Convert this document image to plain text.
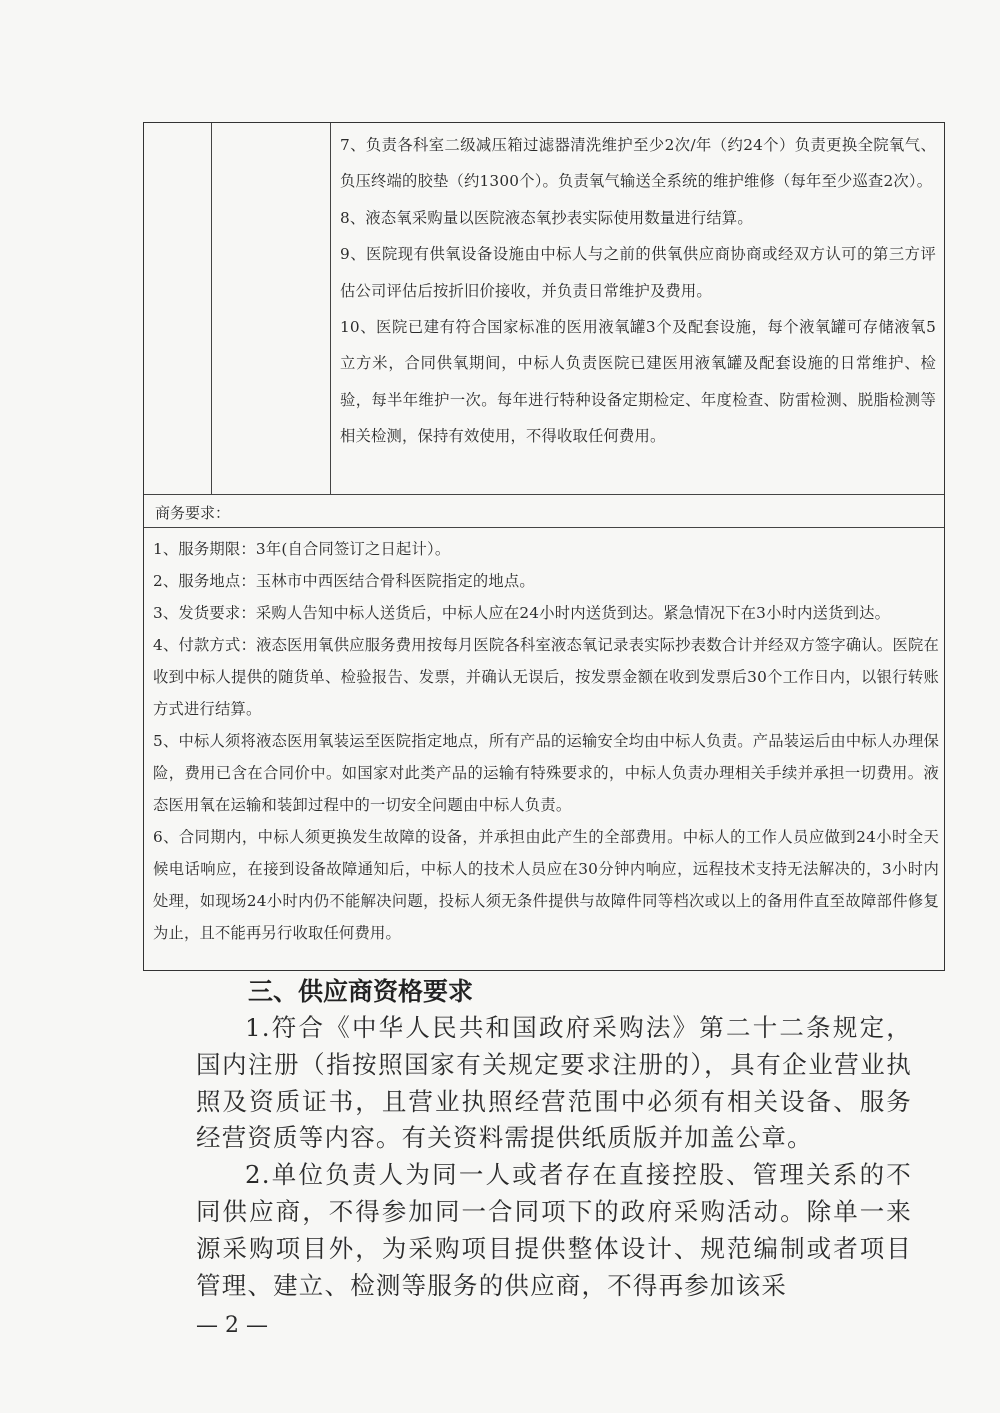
7、负责各科室二级减压箱过滤器清洗维护至少2次/年（约24个）负责更换全院氧气、负压终端的胶垫（约1300个）。负责氧气输送全系统的维护维修（每年至少巡查2次）。

8、液态氧采购量以医院液态氧抄表实际使用数量进行结算。

9、医院现有供氧设备设施由中标人与之前的供氧供应商协商或经双方认可的第三方评估公司评估后按折旧价接收，并负责日常维护及费用。

10、医院已建有符合国家标准的医用液氧罐3个及配套设施，每个液氧罐可存储液氧5立方米，合同供氧期间，中标人负责医院已建医用液氧罐及配套设施的日常维护、检验，每半年维护一次。每年进行特种设备定期检定、年度检查、防雷检测、脱脂检测等相关检测，保持有效使用，不得收取任何费用。

商务要求：

1、服务期限：3年(自合同签订之日起计）。

2、服务地点：玉林市中西医结合骨科医院指定的地点。

3、发货要求：采购人告知中标人送货后，中标人应在24小时内送货到达。紧急情况下在3小时内送货到达。

4、付款方式：液态医用氧供应服务费用按每月医院各科室液态氧记录表实际抄表数合计并经双方签字确认。医院在收到中标人提供的随货单、检验报告、发票，并确认无误后，按发票金额在收到发票后30个工作日内，以银行转账方式进行结算。

5、中标人须将液态医用氧装运至医院指定地点，所有产品的运输安全均由中标人负责。产品装运后由中标人办理保险，费用已含在合同价中。如国家对此类产品的运输有特殊要求的，中标人负责办理相关手续并承担一切费用。液态医用氧在运输和装卸过程中的一切安全问题由中标人负责。

6、合同期内，中标人须更换发生故障的设备，并承担由此产生的全部费用。中标人的工作人员应做到24小时全天候电话响应，在接到设备故障通知后，中标人的技术人员应在30分钟内响应，远程技术支持无法解决的，3小时内处理，如现场24小时内仍不能解决问题，投标人须无条件提供与故障件同等档次或以上的备用件直至故障部件修复为止，且不能再另行收取任何费用。

三、供应商资格要求

1.符合《中华人民共和国政府采购法》第二十二条规定，国内注册（指按照国家有关规定要求注册的），具有企业营业执照及资质证书，且营业执照经营范围中必须有相关设备、服务经营资质等内容。有关资料需提供纸质版并加盖公章。

2.单位负责人为同一人或者存在直接控股、管理关系的不同供应商，不得参加同一合同项下的政府采购活动。除单一来源采购项目外，为采购项目提供整体设计、规范编制或者项目管理、建立、检测等服务的供应商，不得再参加该采

— 2 —
